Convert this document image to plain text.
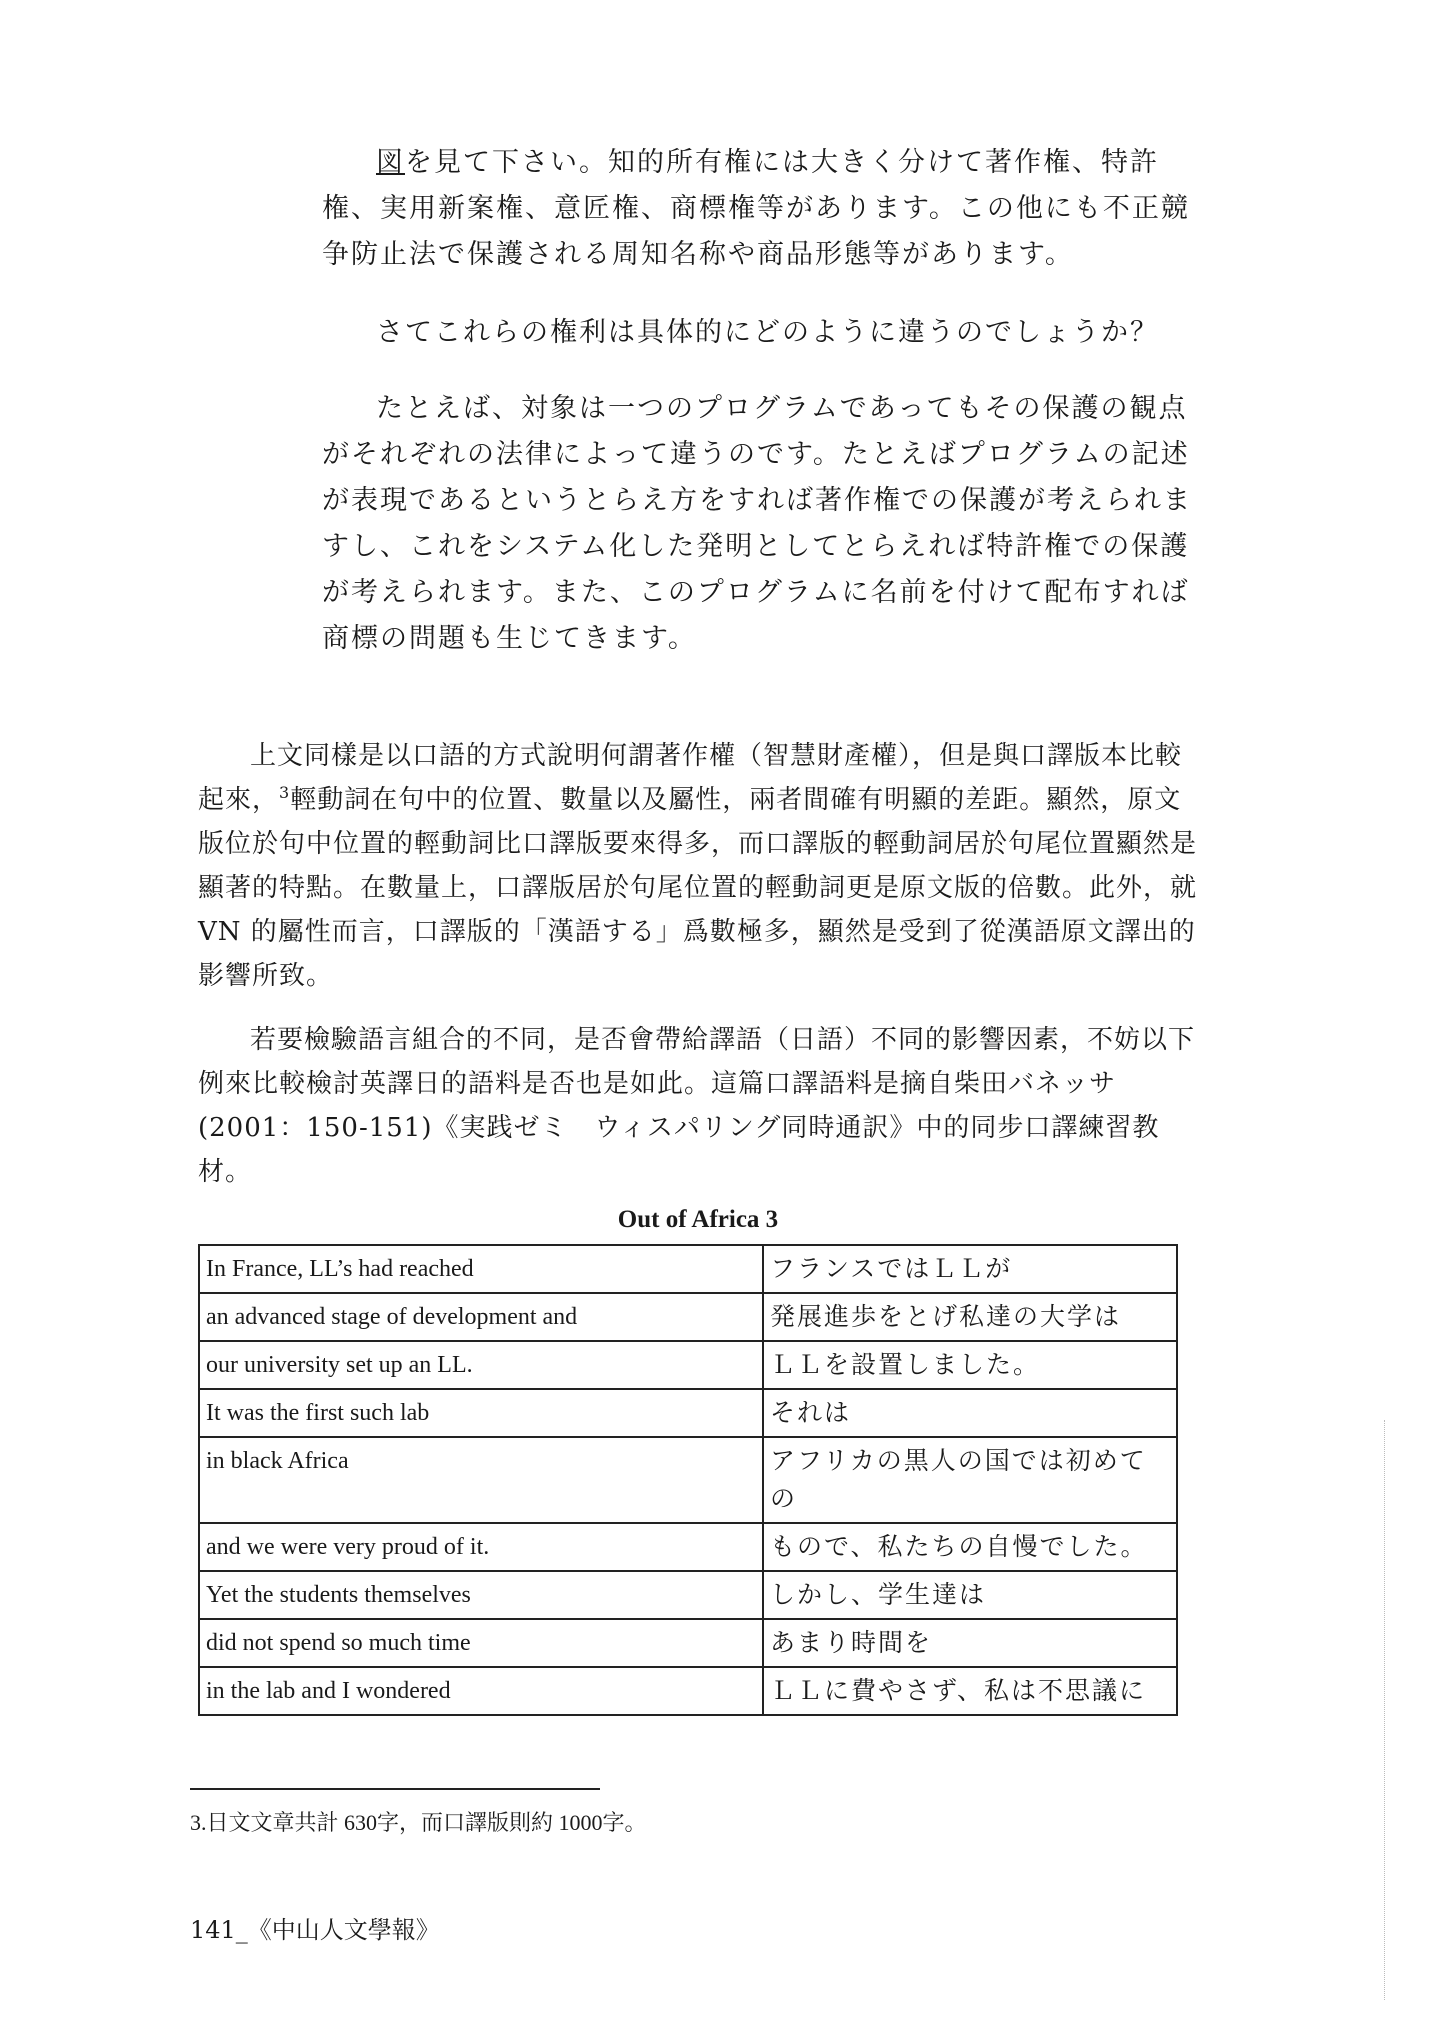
図を見て下さい。知的所有権には大きく分けて著作権、特許権、実用新案権、意匠権、商標権等があります。この他にも不正競争防止法で保護される周知名称や商品形態等があります。

さてこれらの権利は具体的にどのように違うのでしょうか？

たとえば、対象は一つのプログラムであってもその保護の観点がそれぞれの法律によって違うのです。たとえばプログラムの記述が表現であるというとらえ方をすれば著作権での保護が考えられますし、これをシステム化した発明としてとらえれば特許権での保護が考えられます。また、このプログラムに名前を付けて配布すれば商標の問題も生じてきます。

上文同樣是以口語的方式說明何謂著作權（智慧財產權），但是與口譯版本比較起來，$^3$輕動詞在句中的位置、數量以及屬性，兩者間確有明顯的差距。顯然，原文版位於句中位置的輕動詞比口譯版要來得多，而口譯版的輕動詞居於句尾位置顯然是顯著的特點。在數量上，口譯版居於句尾位置的輕動詞更是原文版的倍數。此外，就 VN 的屬性而言，口譯版的「漢語する」爲數極多，顯然是受到了從漢語原文譯出的影響所致。

若要檢驗語言組合的不同，是否會帶給譯語（日語）不同的影響因素，不妨以下例來比較檢討英譯日的語料是否也是如此。這篇口譯語料是摘自柴田バネッサ(2001：150-151)《実践ゼミ　ウィスパリング同時通訳》中的同步口譯練習教材。

Out of Africa 3
In France, LL’s had reached	フランスではＬＬが
an advanced stage of development and	発展進歩をとげ私達の大学は
our university set up an LL.	ＬＬを設置しました。
It was the first such lab	それは
in black Africa	アフリカの黒人の国では初めての
and we were very proud of it.	もので、私たちの自慢でした。
Yet the students themselves	しかし、学生達は
did not spend so much time	あまり時間を
in the lab and I wondered	ＬＬに費やさず、私は不思議に
3.日文文章共計 630字，而口譯版則約 1000字。
141_《中山人文學報》
